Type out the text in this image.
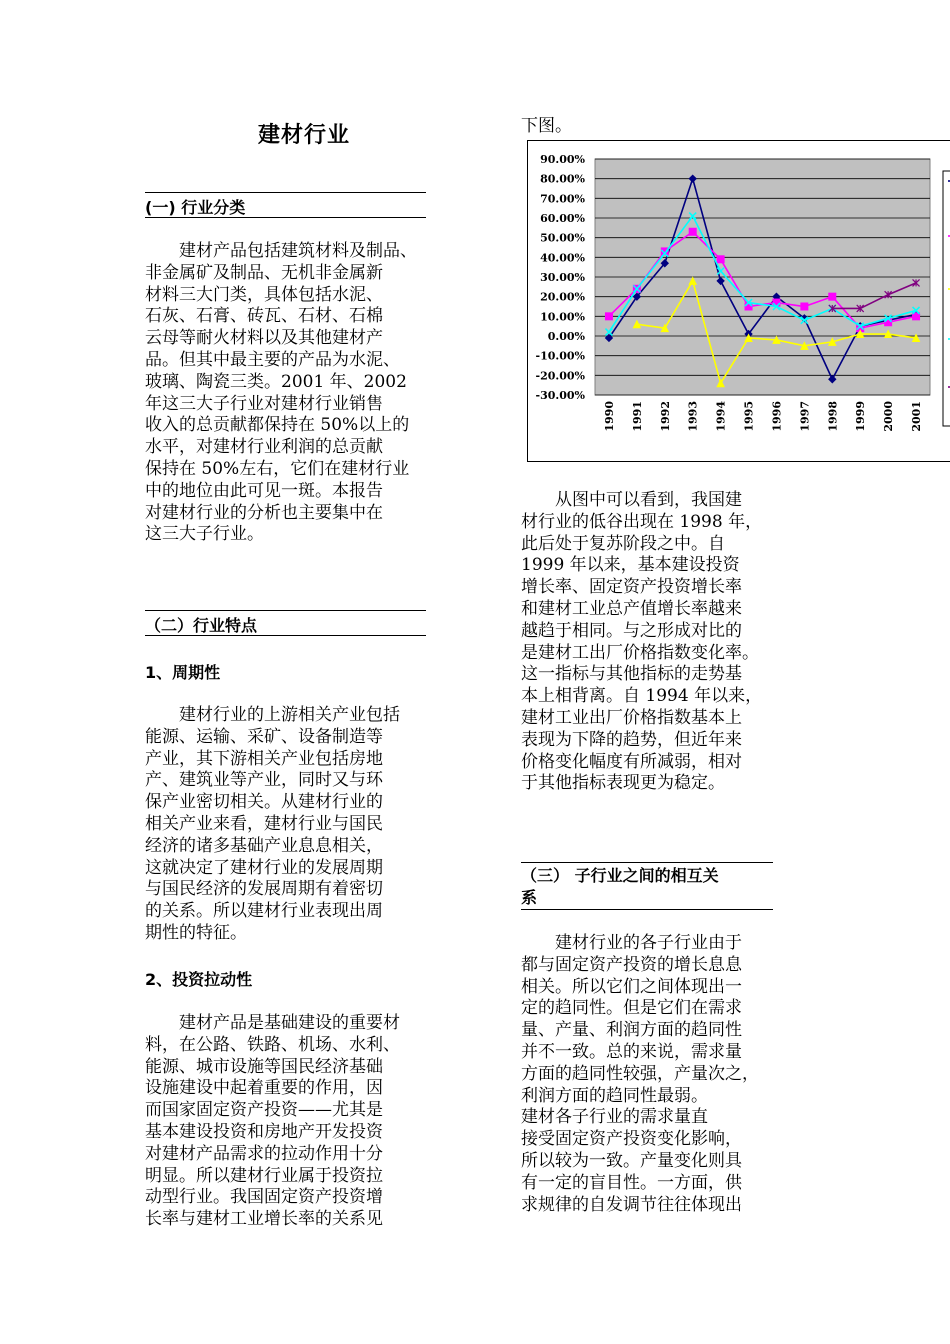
建材行业
(一) 行业分类

建材产品包括建筑材料及制品、
非金属矿及制品、无机非金属新
材料三大门类，具体包括水泥、
石灰、石膏、砖瓦、石材、石棉
云母等耐火材料以及其他建材产
品。但其中最主要的产品为水泥、
玻璃、陶瓷三类。2001 年、2002
年这三大子行业对建材行业销售
收入的总贡献都保持在 50%以上的
水平，对建材行业利润的总贡献
保持在 50%左右，它们在建材行业
中的地位由此可见一斑。本报告
对建材行业的分析也主要集中在
这三大子行业。

（二）行业特点
1、周期性

建材行业的上游相关产业包括
能源、运输、采矿、设备制造等
产业，其下游相关产业包括房地
产、建筑业等产业，同时又与环
保产业密切相关。从建材行业的
相关产业来看，建材行业与国民
经济的诸多基础产业息息相关，
这就决定了建材行业的发展周期
与国民经济的发展周期有着密切
的关系。所以建材行业表现出周
期性的特征。

2、投资拉动性

建材产品是基础建设的重要材
料，在公路、铁路、机场、水利、
能源、城市设施等国民经济基础
设施建设中起着重要的作用，因
而国家固定资产投资——尤其是
基本建设投资和房地产开发投资
对建材产品需求的拉动作用十分
明显。所以建材行业属于投资拉
动型行业。我国固定资产投资增
长率与建材工业增长率的关系见

下图。
90.00%
80.00%
70.00%
60.00%
50.00%
40.00%
30.00%
20.00%
10.00%
0.00%
-10.00%
-20.00%
-30.00%
1990 1991 1992 1993 1994 1995 1996 1997 1998 1999 2000 2001

从图中可以看到，我国建
材行业的低谷出现在 1998 年，
此后处于复苏阶段之中。自
1999 年以来，基本建设投资
增长率、固定资产投资增长率
和建材工业总产值增长率越来
越趋于相同。与之形成对比的
是建材工出厂价格指数变化率。
这一指标与其他指标的走势基
本上相背离。自 1994 年以来，
建材工业出厂价格指数基本上
表现为下降的趋势，但近年来
价格变化幅度有所减弱，相对
于其他指标表现更为稳定。

（三） 子行业之间的相互关
系

建材行业的各子行业由于
都与固定资产投资的增长息息
相关。所以它们之间体现出一
定的趋同性。但是它们在需求
量、产量、利润方面的趋同性
并不一致。总的来说，需求量
方面的趋同性较强，产量次之，
利润方面的趋同性最弱。
建材各子行业的需求量直
接受固定资产投资变化影响，
所以较为一致。产量变化则具
有一定的盲目性。一方面，供
求规律的自发调节往往体现出
